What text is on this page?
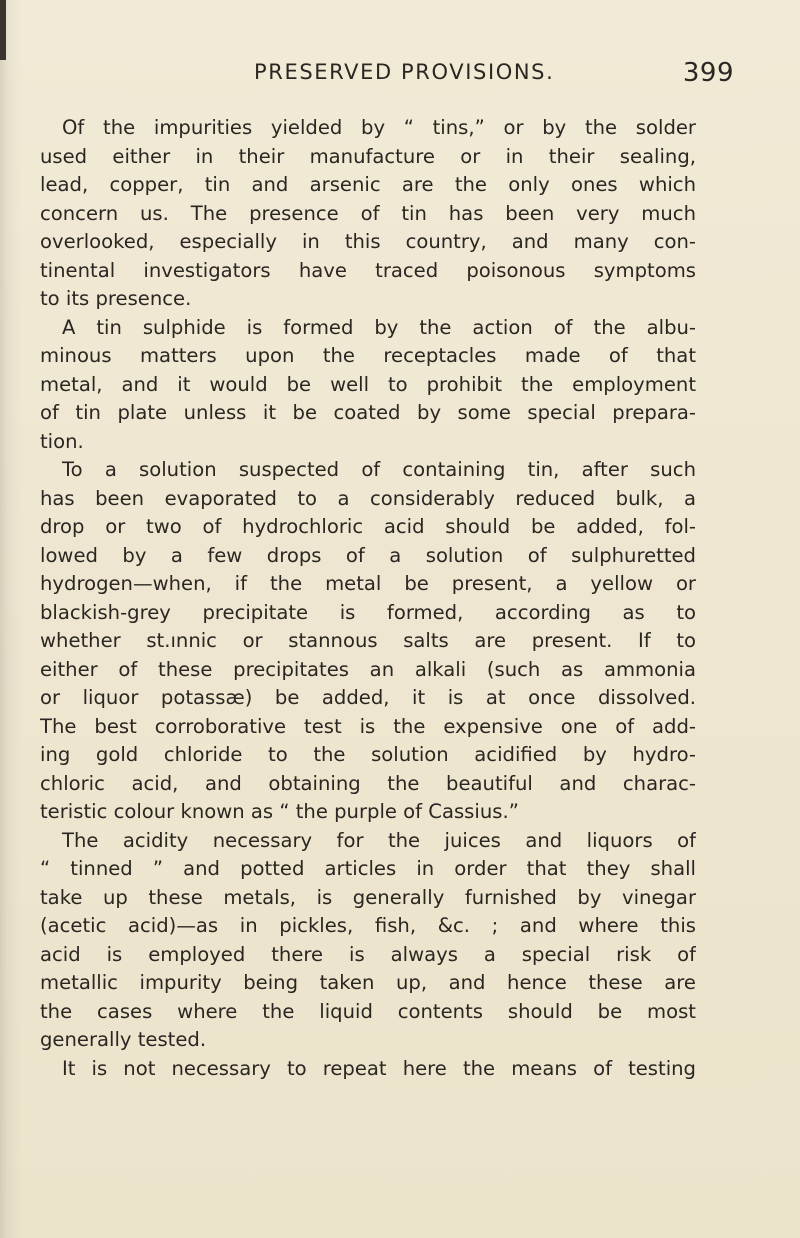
PRESERVED PROVISIONS.	399
Of the impurities yielded by “ tins,” or by the solder
used either in their manufacture or in their sealing,
lead, copper, tin and arsenic are the only ones which
concern us. The presence of tin has been very much
overlooked, especially in this country, and many con-
tinental investigators have traced poisonous symptoms
to its presence.
A tin sulphide is formed by the action of the albu-
minous matters upon the receptacles made of that
metal, and it would be well to prohibit the employment
of tin plate unless it be coated by some special prepara-
tion.
To a solution suspected of containing tin, after such
has been evaporated to a considerably reduced bulk, a
drop or two of hydrochloric acid should be added, fol-
lowed by a few drops of a solution of sulphuretted
hydrogen—when, if the metal be present, a yellow or
blackish-grey precipitate is formed, according as to
whether st.ınnic or stannous salts are present. If to
either of these precipitates an alkali (such as ammonia
or liquor potassæ) be added, it is at once dissolved.
The best corroborative test is the expensive one of add-
ing gold chloride to the solution acidified by hydro-
chloric acid, and obtaining the beautiful and charac-
teristic colour known as “ the purple of Cassius.”
The acidity necessary for the juices and liquors of
“ tinned ” and potted articles in order that they shall
take up these metals, is generally furnished by vinegar
(acetic acid)—as in pickles, fish, &c. ; and where this
acid is employed there is always a special risk of
metallic impurity being taken up, and hence these are
the cases where the liquid contents should be most
generally tested.
It is not necessary to repeat here the means of testing
